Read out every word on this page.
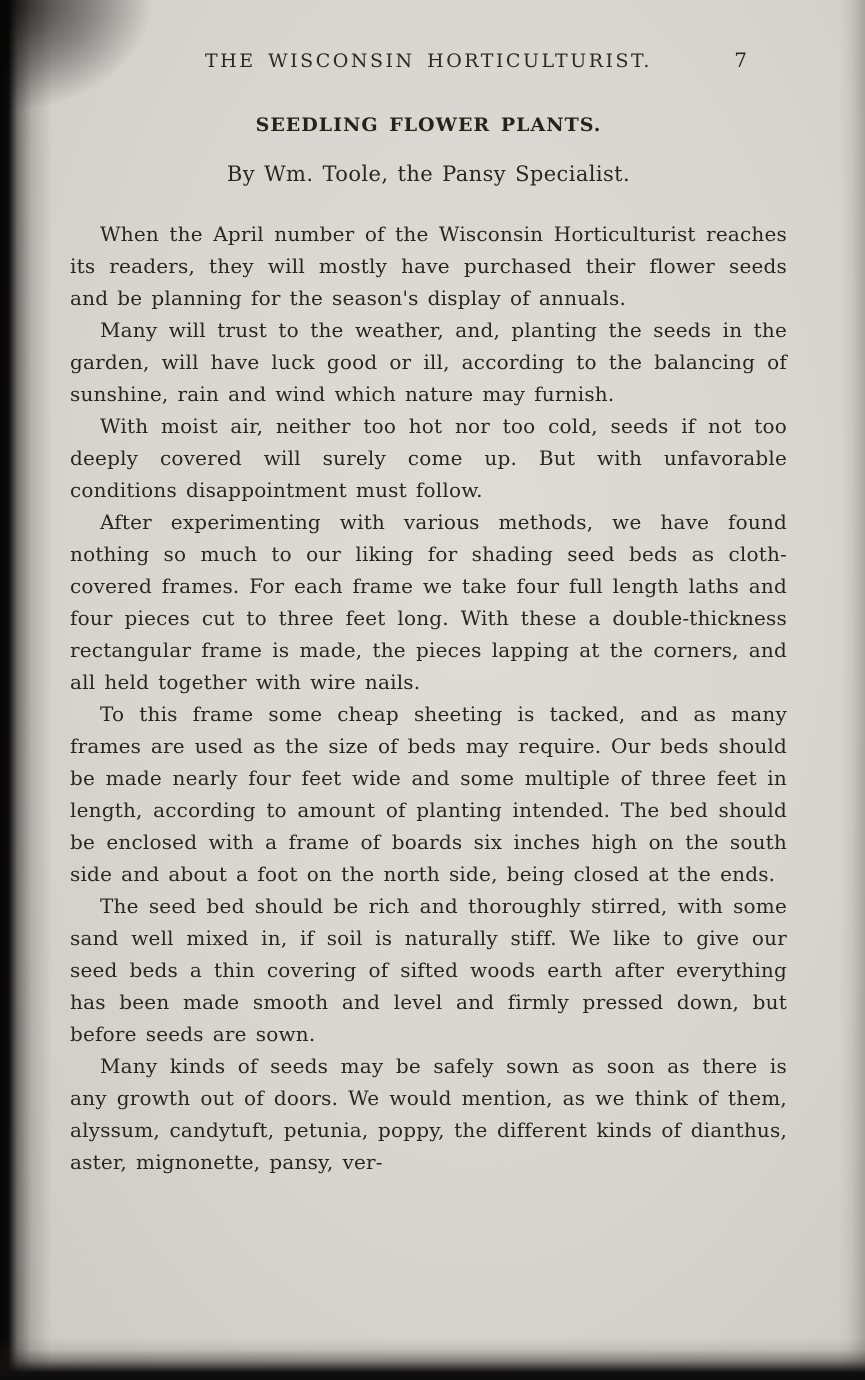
THE WISCONSIN HORTICULTURIST.	7
SEEDLING FLOWER PLANTS.
By Wm. Toole, the Pansy Specialist.

When the April number of the Wisconsin Horticulturist reaches its readers, they will mostly have purchased their flower seeds and be planning for the season's display of annuals.

Many will trust to the weather, and, planting the seeds in the garden, will have luck good or ill, according to the balancing of sunshine, rain and wind which nature may furnish.

With moist air, neither too hot nor too cold, seeds if not too deeply covered will surely come up. But with unfavorable conditions disappointment must follow.

After experimenting with various methods, we have found nothing so much to our liking for shading seed beds as cloth-covered frames. For each frame we take four full length laths and four pieces cut to three feet long. With these a double-thickness rectangular frame is made, the pieces lapping at the corners, and all held together with wire nails.

To this frame some cheap sheeting is tacked, and as many frames are used as the size of beds may require. Our beds should be made nearly four feet wide and some multiple of three feet in length, according to amount of planting intended. The bed should be enclosed with a frame of boards six inches high on the south side and about a foot on the north side, being closed at the ends.

The seed bed should be rich and thoroughly stirred, with some sand well mixed in, if soil is naturally stiff. We like to give our seed beds a thin covering of sifted woods earth after everything has been made smooth and level and firmly pressed down, but before seeds are sown.

Many kinds of seeds may be safely sown as soon as there is any growth out of doors. We would mention, as we think of them, alyssum, candytuft, petunia, poppy, the different kinds of dianthus, aster, mignonette, pansy, ver-
